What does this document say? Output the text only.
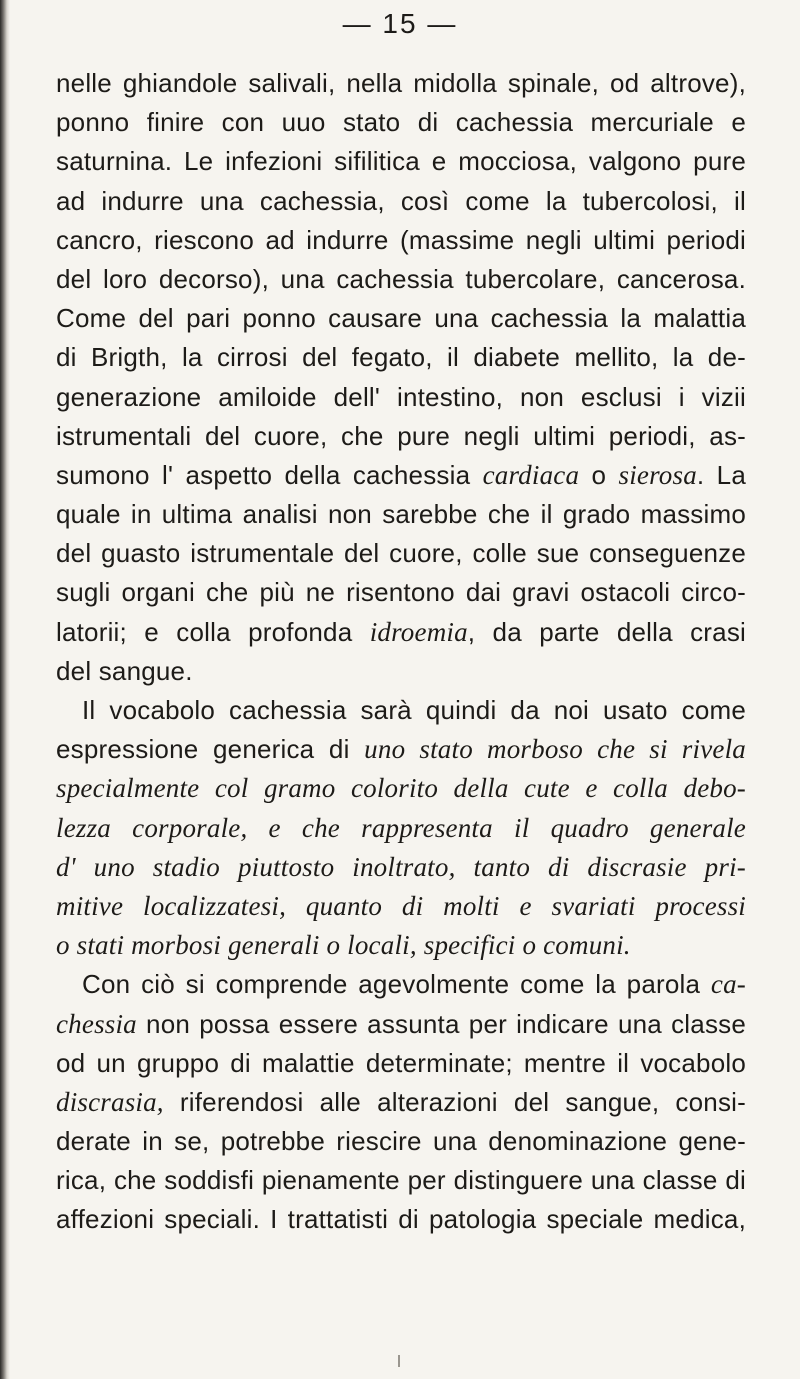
— 15 —
nelle ghiandole salivali, nella midolla spinale, od altrove),
ponno finire con uuo stato di cachessia mercuriale e
saturnina. Le infezioni sifilitica e mocciosa, valgono pure
ad indurre una cachessia, così come la tubercolosi, il
cancro, riescono ad indurre (massime negli ultimi periodi
del loro decorso), una cachessia tubercolare, cancerosa.
Come del pari ponno causare una cachessia la malattia
di Brigth, la cirrosi del fegato, il diabete mellito, la de-
generazione amiloide dell' intestino, non esclusi i vizii
istrumentali del cuore, che pure negli ultimi periodi, as-
sumono l' aspetto della cachessia cardiaca o sierosa. La
quale in ultima analisi non sarebbe che il grado massimo
del guasto istrumentale del cuore, colle sue conseguenze
sugli organi che più ne risentono dai gravi ostacoli circo-
latorii; e colla profonda idroemia, da parte della crasi
del sangue.
Il vocabolo cachessia sarà quindi da noi usato come
espressione generica di uno stato morboso che si rivela
specialmente col gramo colorito della cute e colla debo-
lezza corporale, e che rappresenta il quadro generale
d' uno stadio piuttosto inoltrato, tanto di discrasie pri-
mitive localizzatesi, quanto di molti e svariati processi
o stati morbosi generali o locali, specifici o comuni.
Con ciò si comprende agevolmente come la parola ca-
chessia non possa essere assunta per indicare una classe
od un gruppo di malattie determinate; mentre il vocabolo
discrasia, riferendosi alle alterazioni del sangue, consi-
derate in se, potrebbe riescire una denominazione gene-
rica, che soddisfi pienamente per distinguere una classe di
affezioni speciali. I trattatisti di patologia speciale medica,
